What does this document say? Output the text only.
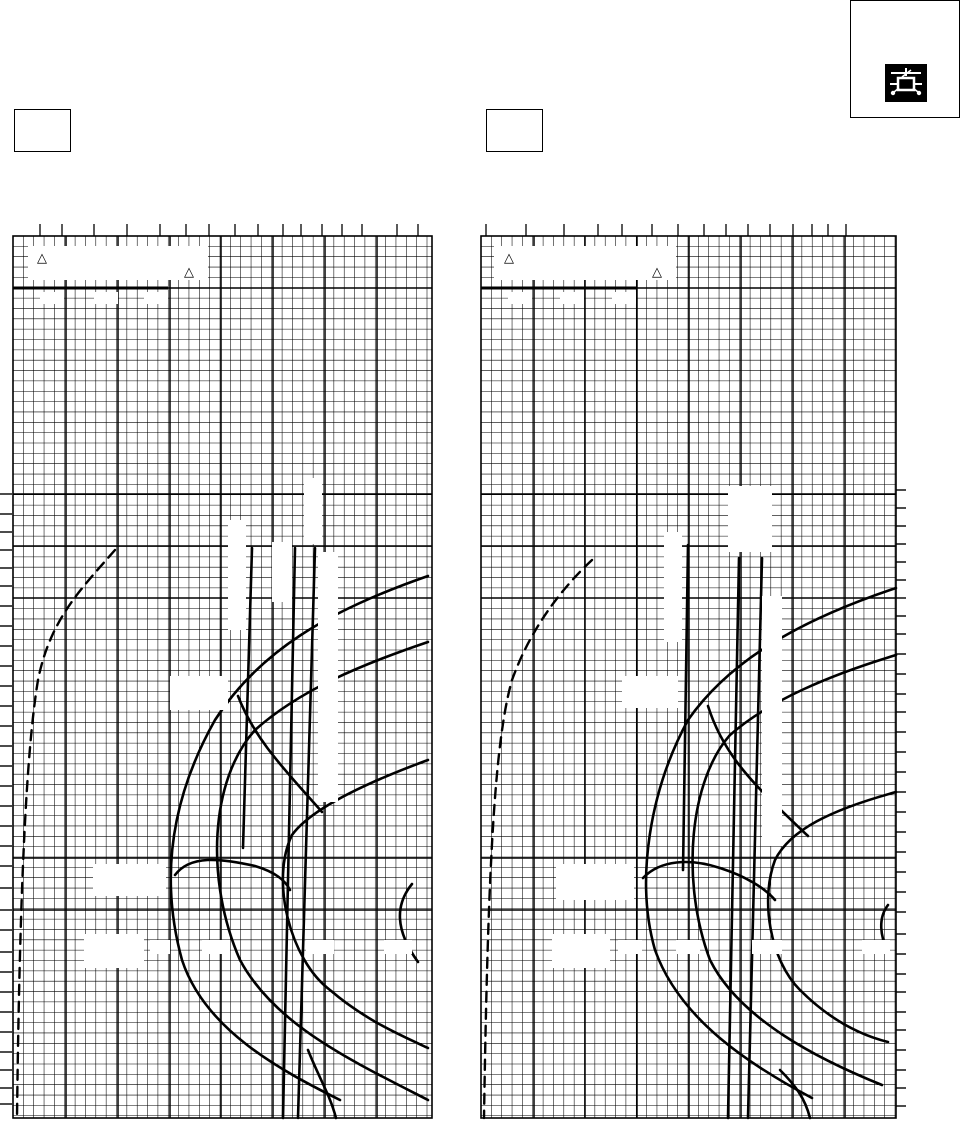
△
△
△
△
